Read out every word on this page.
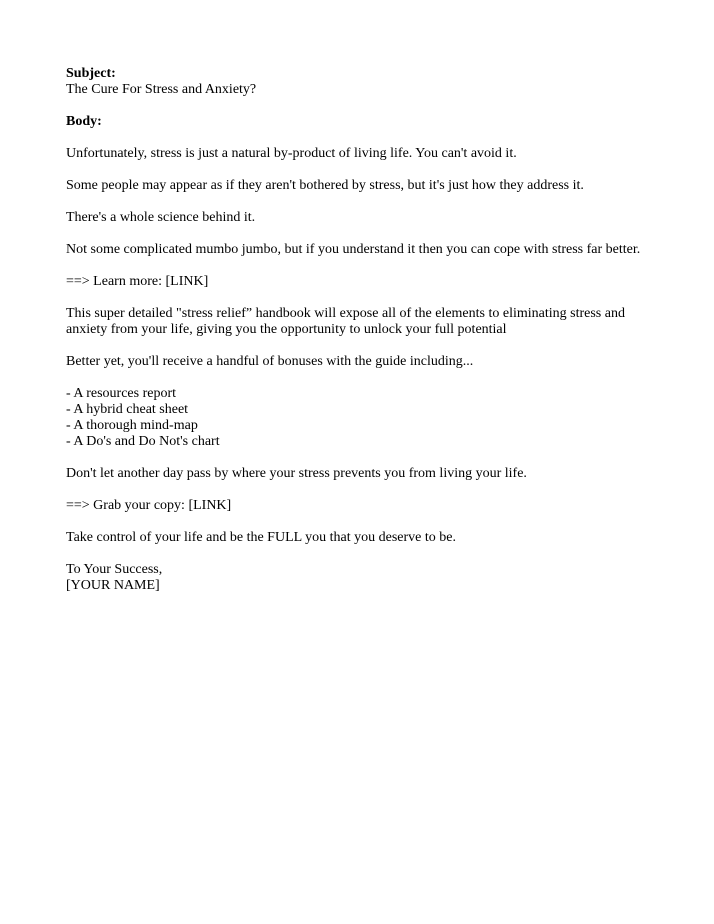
Subject:
The Cure For Stress and Anxiety?
Body:
Unfortunately, stress is just a natural by-product of living life. You can't avoid it.
Some people may appear as if they aren't bothered by stress, but it's just how they address it.
There's a whole science behind it.
Not some complicated mumbo jumbo, but if you understand it then you can cope with stress far better.
==> Learn more: [LINK]
This super detailed "stress relief” handbook will expose all of the elements to eliminating stress and anxiety from your life, giving you the opportunity to unlock your full potential
Better yet, you'll receive a handful of bonuses with the guide including...
- A resources report
- A hybrid cheat sheet
- A thorough mind-map
- A Do's and Do Not's chart
Don't let another day pass by where your stress prevents you from living your life.
==> Grab your copy: [LINK]
Take control of your life and be the FULL you that you deserve to be.
To Your Success,
[YOUR NAME]
